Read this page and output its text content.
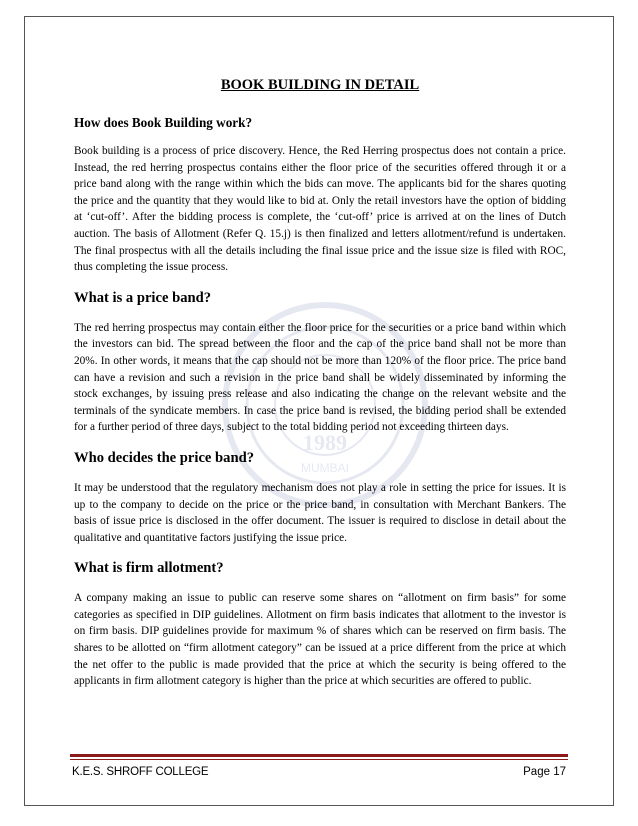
1989
MUMBAI
BOOK BUILDING IN DETAIL
How does Book Building work?

Book building is a process of price discovery. Hence, the Red Herring prospectus does not contain a price. Instead, the red herring prospectus contains either the floor price of the securities offered through it or a price band along with the range within which the bids can move. The applicants bid for the shares quoting the price and the quantity that they would like to bid at. Only the retail investors have the option of bidding at ‘cut-off’. After the bidding process is complete, the ‘cut-off’ price is arrived at on the lines of Dutch auction. The basis of Allotment (Refer Q. 15.j) is then finalized and letters allotment/refund is undertaken. The final prospectus with all the details including the final issue price and the issue size is filed with ROC, thus completing the issue process.

What is a price band?

The red herring prospectus may contain either the floor price for the securities or a price band within which the investors can bid. The spread between the floor and the cap of the price band shall not be more than 20%. In other words, it means that the cap should not be more than 120% of the floor price. The price band can have a revision and such a revision in the price band shall be widely disseminated by informing the stock exchanges, by issuing press release and also indicating the change on the relevant website and the terminals of the syndicate members. In case the price band is revised, the bidding period shall be extended for a further period of three days, subject to the total bidding period not exceeding thirteen days.

Who decides the price band?

It may be understood that the regulatory mechanism does not play a role in setting the price for issues. It is up to the company to decide on the price or the price band, in consultation with Merchant Bankers. The basis of issue price is disclosed in the offer document. The issuer is required to disclose in detail about the qualitative and quantitative factors justifying the issue price.

What is firm allotment?

A company making an issue to public can reserve some shares on “allotment on firm basis” for some categories as specified in DIP guidelines. Allotment on firm basis indicates that allotment to the investor is on firm basis. DIP guidelines provide for maximum % of shares which can be reserved on firm basis. The shares to be allotted on “firm allotment category” can be issued at a price different from the price at which the net offer to the public is made provided that the price at which the security is being offered to the applicants in firm allotment category is higher than the price at which securities are offered to public.

K.E.S. SHROFF COLLEGE	Page 17
